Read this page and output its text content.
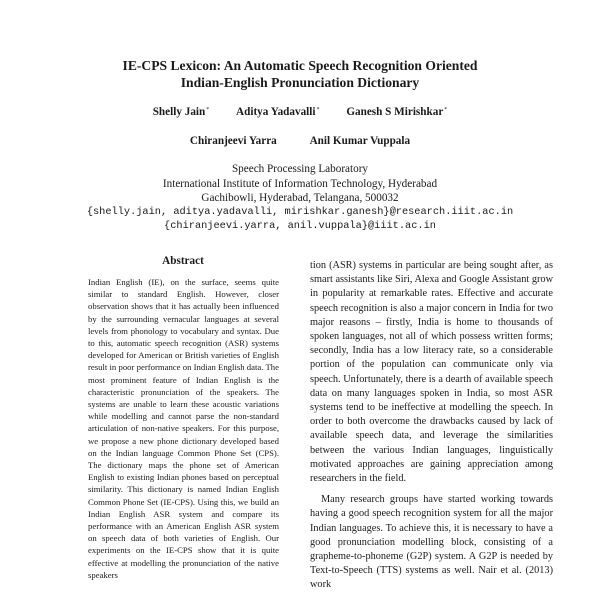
IE-CPS Lexicon: An Automatic Speech Recognition Oriented
Indian-English Pronunciation Dictionary
Shelly Jain* Aditya Yadavalli* Ganesh S Mirishkar*
Chiranjeevi Yarra	Anil Kumar Vuppala
Speech Processing Laboratory
International Institute of Information Technology, Hyderabad
Gachibowli, Hyderabad, Telangana, 500032
{shelly.jain, aditya.yadavalli, mirishkar.ganesh}@research.iiit.ac.in
{chiranjeevi.yarra, anil.vuppala}@iiit.ac.in
Abstract

Indian English (IE), on the surface, seems quite similar to standard English. However, closer observation shows that it has actually been influenced by the surrounding vernacular languages at several levels from phonology to vocabulary and syntax. Due to this, automatic speech recognition (ASR) systems developed for American or British varieties of English result in poor performance on Indian English data. The most prominent feature of Indian English is the characteristic pronunciation of the speakers. The systems are unable to learn these acoustic variations while modelling and cannot parse the non-standard articulation of non-native speakers. For this purpose, we propose a new phone dictionary developed based on the Indian language Common Phone Set (CPS). The dictionary maps the phone set of American English to existing Indian phones based on perceptual similarity. This dictionary is named Indian English Common Phone Set (IE-CPS). Using this, we build an Indian English ASR system and compare its performance with an American English ASR system on speech data of both varieties of English. Our experiments on the IE-CPS show that it is quite effective at modelling the pronunciation of the native speakers

tion (ASR) systems in particular are being sought after, as smart assistants like Siri, Alexa and Google Assistant grow in popularity at remarkable rates. Effective and accurate speech recognition is also a major concern in India for two major reasons – firstly, India is home to thousands of spoken languages, not all of which possess written forms; secondly, India has a low literacy rate, so a considerable portion of the population can communicate only via speech. Unfortunately, there is a dearth of available speech data on many languages spoken in India, so most ASR systems tend to be ineffective at modelling the speech. In order to both overcome the drawbacks caused by lack of available speech data, and leverage the similarities between the various Indian languages, linguistically motivated approaches are gaining appreciation among researchers in the field.

Many research groups have started working towards having a good speech recognition system for all the major Indian languages. To achieve this, it is necessary to have a good pronunciation modelling block, consisting of a grapheme-to-phoneme (G2P) system. A G2P is needed by Text-to-Speech (TTS) systems as well. Nair et al. (2013) work
